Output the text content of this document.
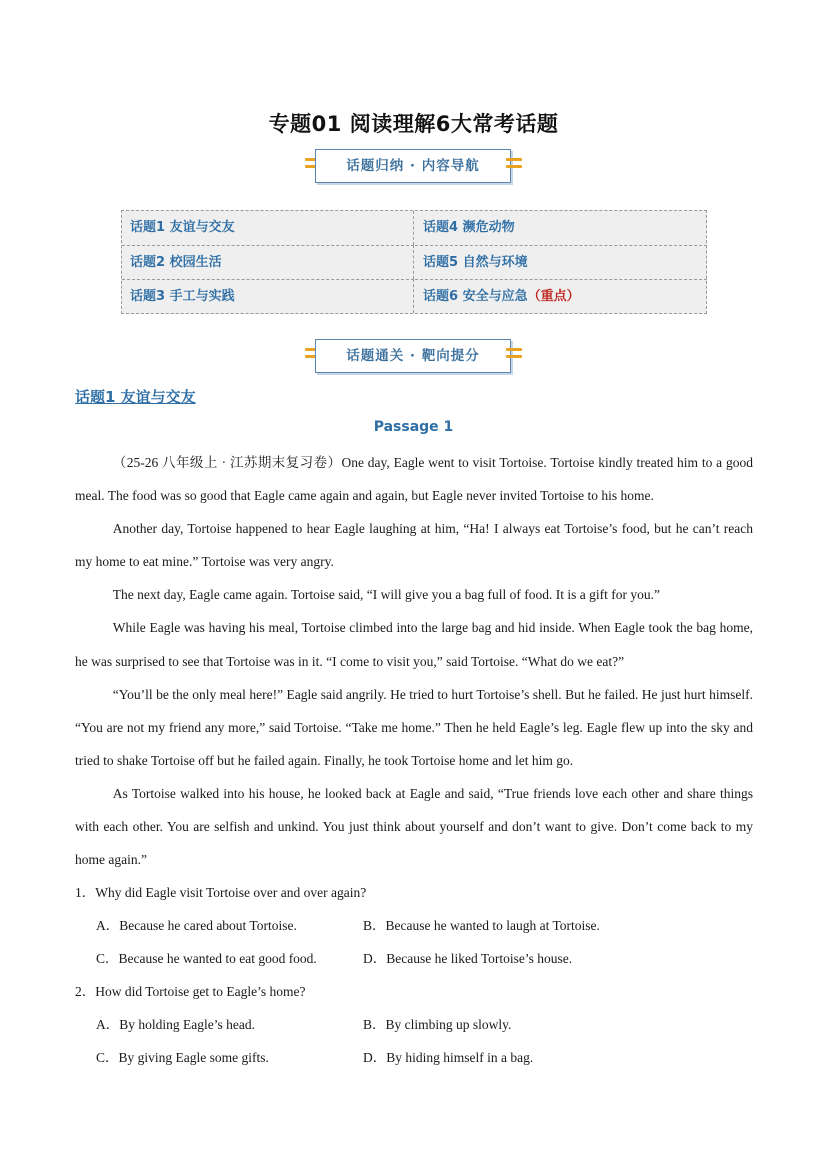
专题01 阅读理解6大常考话题
话题归纳 · 内容导航
话题1 友谊与交友	话题4 濒危动物
话题2 校园生活	话题5 自然与环境
话题3 手工与实践	话题6 安全与应急（重点）
话题通关 · 靶向提分
话题1 友谊与交友
Passage 1

（25-26 八年级上 · 江苏期末复习卷）One day, Eagle went to visit Tortoise. Tortoise kindly treated him to a good meal. The food was so good that Eagle came again and again, but Eagle never invited Tortoise to his home.

Another day, Tortoise happened to hear Eagle laughing at him, “Ha! I always eat Tortoise’s food, but he can’t reach my home to eat mine.” Tortoise was very angry.

The next day, Eagle came again. Tortoise said, “I will give you a bag full of food. It is a gift for you.”

While Eagle was having his meal, Tortoise climbed into the large bag and hid inside. When Eagle took the bag home, he was surprised to see that Tortoise was in it. “I come to visit you,” said Tortoise. “What do we eat?”

“You’ll be the only meal here!” Eagle said angrily. He tried to hurt Tortoise’s shell. But he failed. He just hurt himself. “You are not my friend any more,” said Tortoise. “Take me home.” Then he held Eagle’s leg. Eagle flew up into the sky and tried to shake Tortoise off but he failed again. Finally, he took Tortoise home and let him go.

As Tortoise walked into his house, he looked back at Eagle and said, “True friends love each other and share things with each other. You are selfish and unkind. You just think about yourself and don’t want to give. Don’t come back to my home again.”

1．Why did Eagle visit Tortoise over and over again?
A．Because he cared about Tortoise.	B．Because he wanted to laugh at Tortoise.
C．Because he wanted to eat good food.	D．Because he liked Tortoise’s house.
2．How did Tortoise get to Eagle’s home?
A．By holding Eagle’s head.	B．By climbing up slowly.
C．By giving Eagle some gifts.	D．By hiding himself in a bag.
